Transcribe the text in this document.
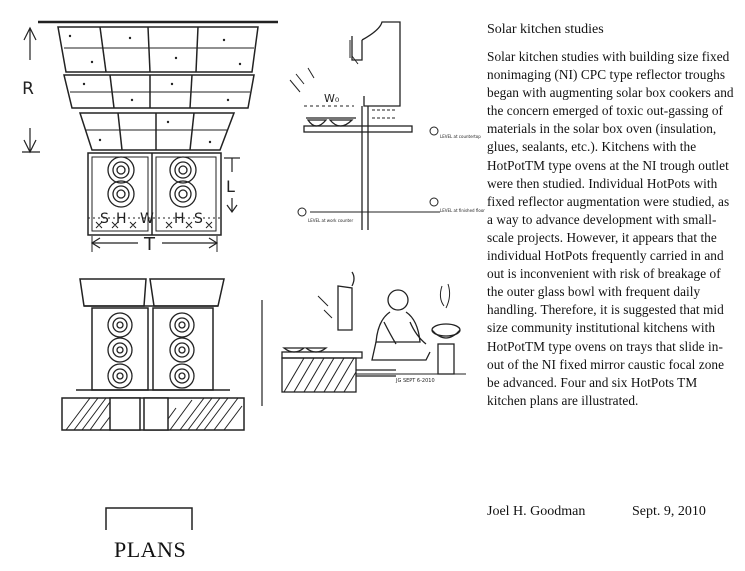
R
L
S H W H S
T
W₀
LEVEL at countertop
LEVEL at work counter
LEVEL at finished floor
JG SEPT 6-2010
Solar kitchen studies
Solar kitchen studies with building size fixed nonimaging (NI) CPC type reflector troughs began with augmenting solar box cookers and the concern emerged of toxic out-gassing of materials in the solar box oven (insulation, glues, sealants, etc.). Kitchens with the HotPotTM type ovens at the NI trough outlet were then studied. Individual HotPots with fixed reflector augmentation were studied, as a way to advance development with small-scale projects. However, it appears that the individual HotPots frequently carried in and out is inconvenient with risk of breakage of the outer glass bowl with frequent daily handling. Therefore, it is suggested that mid size community institutional kitchens with HotPotTM type ovens on trays that slide in-out of the NI fixed mirror caustic focal zone be advanced. Four and six HotPots TM kitchen plans are illustrated.
Joel H. Goodman	Sept. 9, 2010
PLANS
